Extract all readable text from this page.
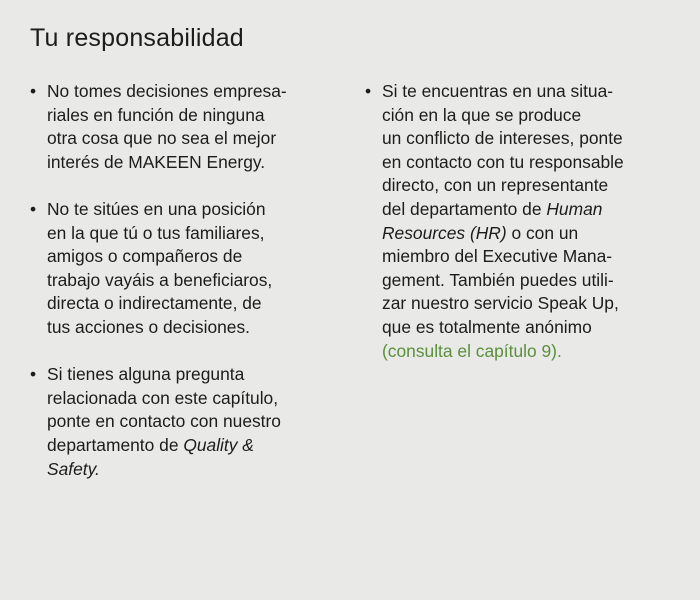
Tu responsabilidad
• No tomes decisiones empresa-
riales en función de ninguna
otra cosa que no sea el mejor
interés de MAKEEN Energy.
• No te sitúes en una posición
en la que tú o tus familiares,
amigos o compañeros de
trabajo vayáis a beneficiaros,
directa o indirectamente, de
tus acciones o decisiones.
• Si tienes alguna pregunta
relacionada con este capítulo,
ponte en contacto con nuestro
departamento de Quality &
Safety.
• Si te encuentras en una situa-
ción en la que se produce
un conflicto de intereses, ponte
en contacto con tu responsable
directo, con un representante
del departamento de Human
Resources (HR) o con un
miembro del Executive Mana-
gement. También puedes utili-
zar nuestro servicio Speak Up,
que es totalmente anónimo
(consulta el capítulo 9).
